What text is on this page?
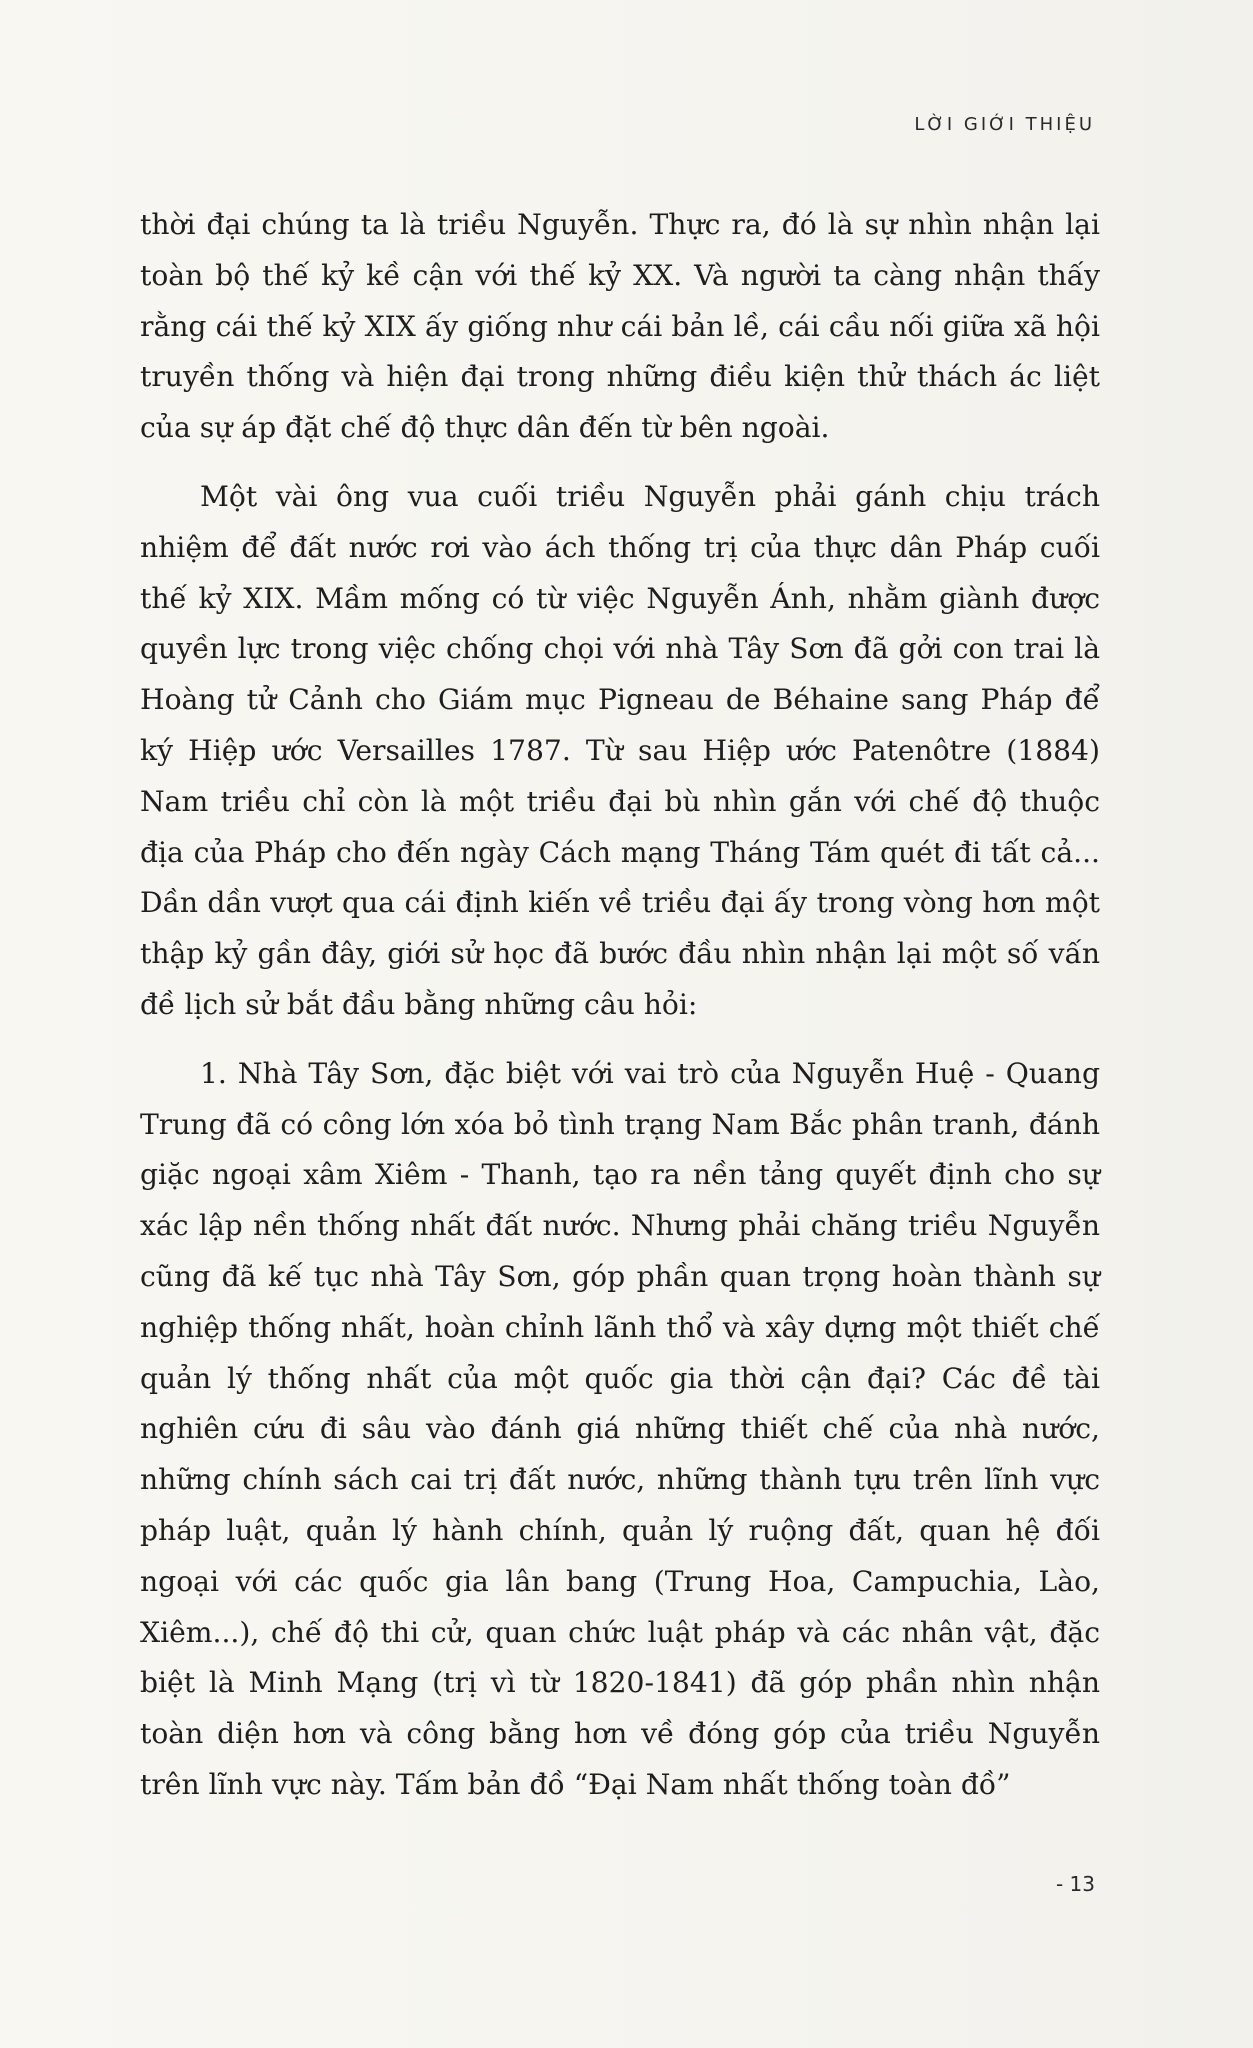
LỜI GIỚI THIỆU

thời đại chúng ta là triều Nguyễn. Thực ra, đó là sự nhìn nhận lại toàn bộ thế kỷ kề cận với thế kỷ XX. Và người ta càng nhận thấy rằng cái thế kỷ XIX ấy giống như cái bản lề, cái cầu nối giữa xã hội truyền thống và hiện đại trong những điều kiện thử thách ác liệt của sự áp đặt chế độ thực dân đến từ bên ngoài.

Một vài ông vua cuối triều Nguyễn phải gánh chịu trách nhiệm để đất nước rơi vào ách thống trị của thực dân Pháp cuối thế kỷ XIX. Mầm mống có từ việc Nguyễn Ánh, nhằm giành được quyền lực trong việc chống chọi với nhà Tây Sơn đã gởi con trai là Hoàng tử Cảnh cho Giám mục Pigneau de Béhaine sang Pháp để ký Hiệp ước Versailles 1787. Từ sau Hiệp ước Patenôtre (1884) Nam triều chỉ còn là một triều đại bù nhìn gắn với chế độ thuộc địa của Pháp cho đến ngày Cách mạng Tháng Tám quét đi tất cả... Dần dần vượt qua cái định kiến về triều đại ấy trong vòng hơn một thập kỷ gần đây, giới sử học đã bước đầu nhìn nhận lại một số vấn đề lịch sử bắt đầu bằng những câu hỏi:

1. Nhà Tây Sơn, đặc biệt với vai trò của Nguyễn Huệ - Quang Trung đã có công lớn xóa bỏ tình trạng Nam Bắc phân tranh, đánh giặc ngoại xâm Xiêm - Thanh, tạo ra nền tảng quyết định cho sự xác lập nền thống nhất đất nước. Nhưng phải chăng triều Nguyễn cũng đã kế tục nhà Tây Sơn, góp phần quan trọng hoàn thành sự nghiệp thống nhất, hoàn chỉnh lãnh thổ và xây dựng một thiết chế quản lý thống nhất của một quốc gia thời cận đại? Các đề tài nghiên cứu đi sâu vào đánh giá những thiết chế của nhà nước, những chính sách cai trị đất nước, những thành tựu trên lĩnh vực pháp luật, quản lý hành chính, quản lý ruộng đất, quan hệ đối ngoại với các quốc gia lân bang (Trung Hoa, Campuchia, Lào, Xiêm...), chế độ thi cử, quan chức luật pháp và các nhân vật, đặc biệt là Minh Mạng (trị vì từ 1820-1841) đã góp phần nhìn nhận toàn diện hơn và công bằng hơn về đóng góp của triều Nguyễn trên lĩnh vực này. Tấm bản đồ “Đại Nam nhất thống toàn đồ”

- 13
